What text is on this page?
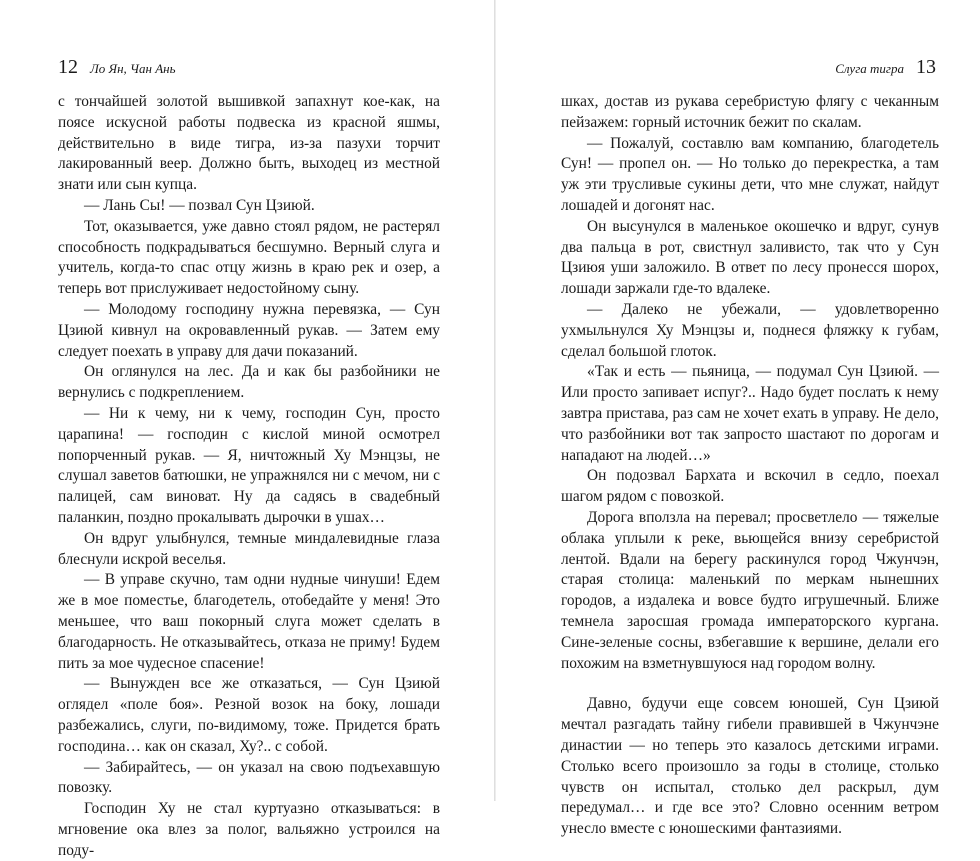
12 Ло Ян, Чан Ань

с тончайшей золотой вышивкой запахнут кое-как, на поясе искусной работы подвеска из красной яшмы, действительно в виде тигра, из-за пазухи торчит лакированный веер. Должно быть, выходец из местной знати или сын купца.

— Лань Сы! — позвал Сун Цзиюй.

Тот, оказывается, уже давно стоял рядом, не растерял способность подкрадываться бесшумно. Верный слуга и учитель, когда-то спас отцу жизнь в краю рек и озер, а теперь вот прислуживает недостойному сыну.

— Молодому господину нужна перевязка, — Сун Цзиюй кивнул на окровавленный рукав. — Затем ему следует поехать в управу для дачи показаний.

Он оглянулся на лес. Да и как бы разбойники не вернулись с подкреплением.

— Ни к чему, ни к чему, господин Сун, просто царапина! — господин с кислой миной осмотрел попорченный рукав. — Я, ничтожный Ху Мэнцзы, не слушал заветов батюшки, не упражнялся ни с мечом, ни с палицей, сам виноват. Ну да садясь в свадебный паланкин, поздно прокалывать дырочки в ушах…

Он вдруг улыбнулся, темные миндалевидные глаза блеснули искрой веселья.

— В управе скучно, там одни нудные чинуши! Едем же в мое поместье, благодетель, отобедайте у меня! Это меньшее, что ваш покорный слуга может сделать в благодарность. Не отказывайтесь, отказа не приму! Будем пить за мое чудесное спасение!

— Вынужден все же отказаться, — Сун Цзиюй оглядел «поле боя». Резной возок на боку, лошади разбежались, слуги, по-видимому, тоже. Придется брать господина… как он сказал, Ху?.. с собой.

— Забирайтесь, — он указал на свою подъехавшую повозку.

Господин Ху не стал куртуазно отказываться: в мгновение ока влез за полог, вальяжно устроился на поду-

Слуга тигра 13

шках, достав из рукава серебристую флягу с чеканным пейзажем: горный источник бежит по скалам.

— Пожалуй, составлю вам компанию, благодетель Сун! — пропел он. — Но только до перекрестка, а там уж эти трусливые сукины дети, что мне служат, найдут лошадей и догонят нас.

Он высунулся в маленькое окошечко и вдруг, сунув два пальца в рот, свистнул заливисто, так что у Сун Цзиюя уши заложило. В ответ по лесу пронесся шорох, лошади заржали где-то вдалеке.

— Далеко не убежали, — удовлетворенно ухмыльнулся Ху Мэнцзы и, поднеся фляжку к губам, сделал большой глоток.

«Так и есть — пьяница, — подумал Сун Цзиюй. — Или просто запивает испуг?.. Надо будет послать к нему завтра пристава, раз сам не хочет ехать в управу. Не дело, что разбойники вот так запросто шастают по дорогам и нападают на людей…»

Он подозвал Бархата и вскочил в седло, поехал шагом рядом с повозкой.

Дорога вползла на перевал; просветлело — тяжелые облака уплыли к реке, вьющейся внизу серебристой лентой. Вдали на берегу раскинулся город Чжунчэн, старая столица: маленький по меркам нынешних городов, а издалека и вовсе будто игрушечный. Ближе темнела заросшая громада императорского кургана. Сине-зеленые сосны, взбегавшие к вершине, делали его похожим на взметнувшуюся над городом волну.

Давно, будучи еще совсем юношей, Сун Цзиюй мечтал разгадать тайну гибели правившей в Чжунчэне династии — но теперь это казалось детскими играми. Столько всего произошло за годы в столице, столько чувств он испытал, столько дел раскрыл, дум передумал… и где все это? Словно осенним ветром унесло вместе с юношескими фантазиями.
